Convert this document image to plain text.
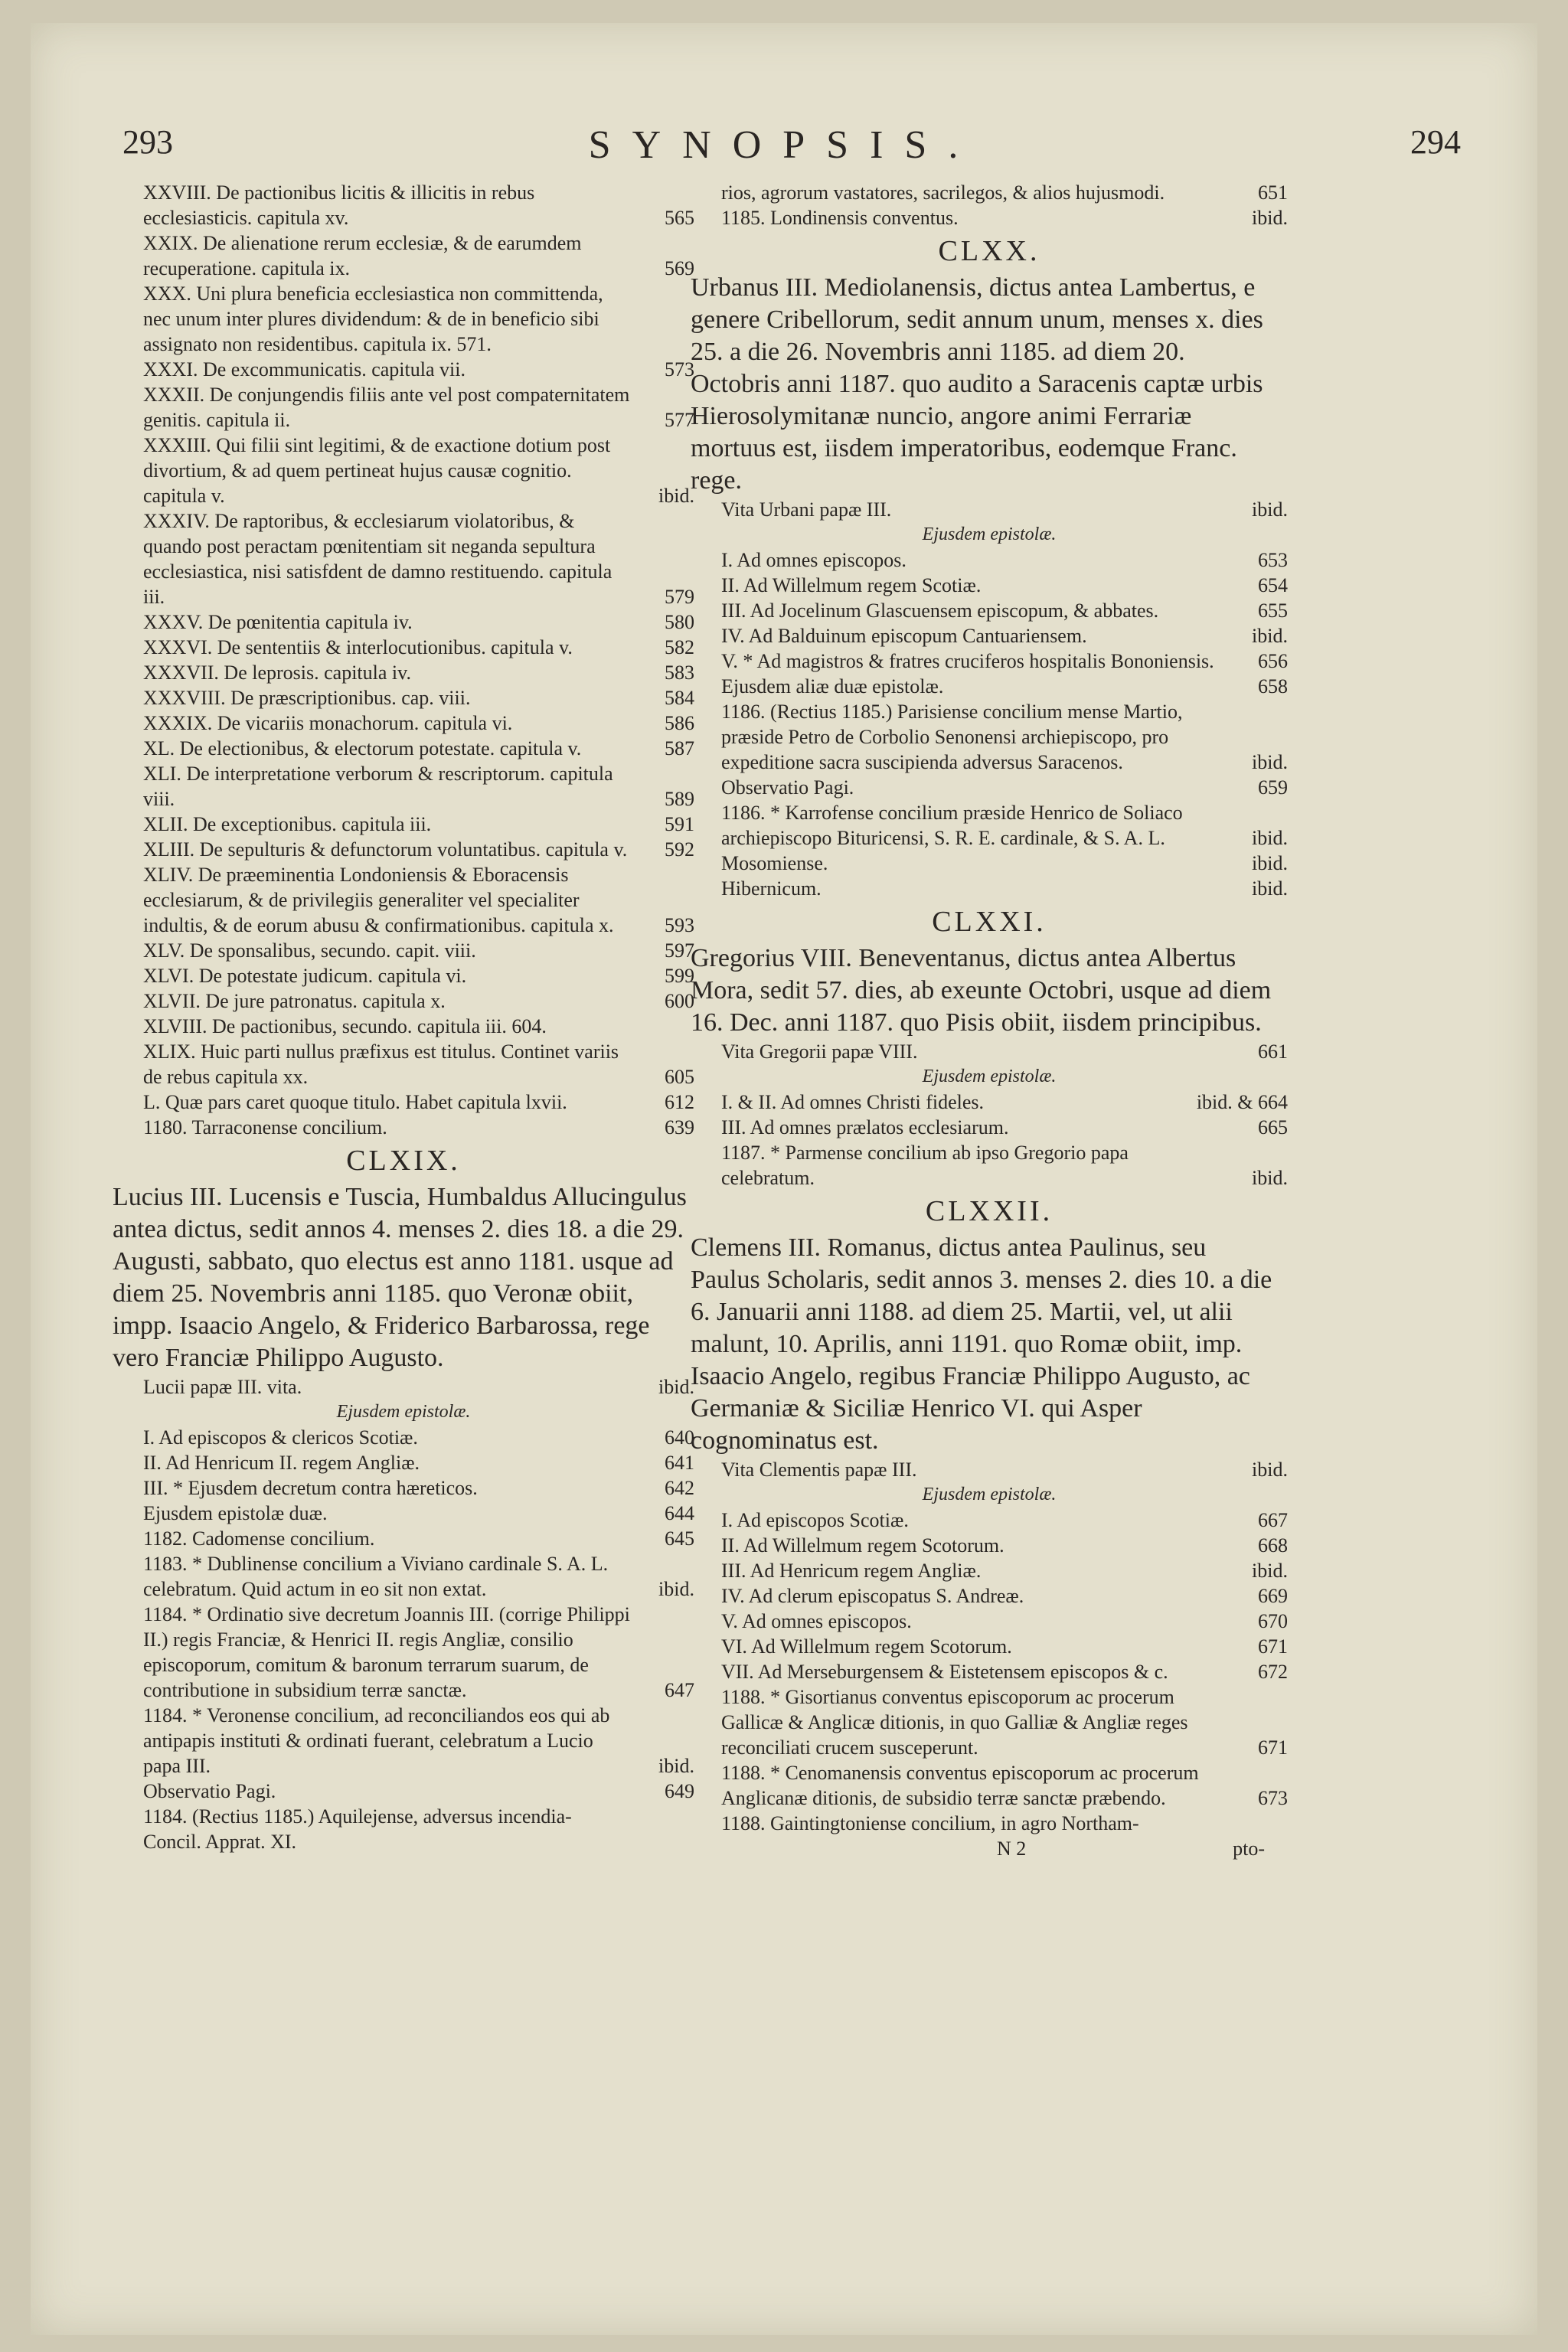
293	SYNOPSIS.	294
XXVIII. De pactionibus licitis & illicitis in rebus ecclesiasticis. capitula xv.	565
XXIX. De alienatione rerum ecclesiæ, & de earumdem recuperatione. capitula ix.	569
XXX. Uni plura beneficia ecclesiastica non committenda, nec unum inter plures dividendum: & de in beneficio sibi assignato non residentibus. capitula ix. 571.
XXXI. De excommunicatis. capitula vii.	573
XXXII. De conjungendis filiis ante vel post compaternitatem genitis. capitula ii.	577
XXXIII. Qui filii sint legitimi, & de exactione dotium post divortium, & ad quem pertineat hujus causæ cognitio. capitula v.	ibid.
XXXIV. De raptoribus, & ecclesiarum violatoribus, & quando post peractam pœnitentiam sit neganda sepultura ecclesiastica, nisi satisfdent de damno restituendo. capitula iii.	579
XXXV. De pœnitentia capitula iv.	580
XXXVI. De sententiis & interlocutionibus. capitula v.	582
XXXVII. De leprosis. capitula iv.	583
XXXVIII. De præscriptionibus. cap. viii.	584
XXXIX. De vicariis monachorum. capitula vi.	586
XL. De electionibus, & electorum potestate. capitula v.	587
XLI. De interpretatione verborum & rescriptorum. capitula viii.	589
XLII. De exceptionibus. capitula iii.	591
XLIII. De sepulturis & defunctorum voluntatibus. capitula v. 592
XLIV. De præeminentia Londoniensis & Eboracensis ecclesiarum, & de privilegiis generaliter vel specialiter indultis, & de eorum abusu & confirmationibus. capitula x.	593
XLV. De sponsalibus, secundo. capit. viii.	597
XLVI. De potestate judicum. capitula vi.	599
XLVII. De jure patronatus. capitula x.	600
XLVIII. De pactionibus, secundo. capitula iii. 604.
XLIX. Huic parti nullus præfixus est titulus. Continet variis de rebus capitula xx.	605
L. Quæ pars caret quoque titulo. Habet capitula lxvii.	612
1180. Tarraconense concilium.	639
CLXIX.
Lucius III. Lucensis e Tuscia, Humbaldus Allucingulus antea dictus, sedit annos 4. menses 2. dies 18. a die 29. Augusti, sabbato, quo electus est anno 1181. usque ad diem 25. Novembris anni 1185. quo Veronæ obiit, impp. Isaacio Angelo, & Friderico Barbarossa, rege vero Franciæ Philippo Augusto.
Lucii papæ III. vita.	ibid.
Ejusdem epistolæ.
I. Ad episcopos & clericos Scotiæ.	640
II. Ad Henricum II. regem Angliæ.	641
III. * Ejusdem decretum contra hæreticos.	642
Ejusdem epistolæ duæ.	644
1182. Cadomense concilium.	645
1183. * Dublinense concilium a Viviano cardinale S. A. L. celebratum. Quid actum in eo sit non extat.	ibid.
1184. * Ordinatio sive decretum Joannis III. (corrige Philippi II.) regis Franciæ, & Henrici II. regis Angliæ, consilio episcoporum, comitum & baronum terrarum suarum, de contributione in subsidium terræ sanctæ.	647
1184. * Veronense concilium, ad reconciliandos eos qui ab antipapis instituti & ordinati fuerant, celebratum a Lucio papa III.	ibid.
Observatio Pagi.	649
1184. (Rectius 1185.) Aquilejense, adversus incendia- Concil. Apprat. XI.
rios, agrorum vastatores, sacrilegos, & alios hujusmodi.	651
1185. Londinensis conventus.	ibid.
CLXX.
Urbanus III. Mediolanensis, dictus antea Lambertus, e genere Cribellorum, sedit annum unum, menses x. dies 25. a die 26. Novembris anni 1185. ad diem 20. Octobris anni 1187. quo audito a Saracenis captæ urbis Hierosolymitanæ nuncio, angore animi Ferrariæ mortuus est, iisdem imperatoribus, eodemque Franc. rege.
Vita Urbani papæ III.	ibid.
Ejusdem epistolæ.
I. Ad omnes episcopos.	653
II. Ad Willelmum regem Scotiæ.	654
III. Ad Jocelinum Glascuensem episcopum, & abbates.	655
IV. Ad Balduinum episcopum Cantuariensem.	ibid.
V. * Ad magistros & fratres cruciferos hospitalis Bononiensis. 656
Ejusdem aliæ duæ epistolæ.	658
1186. (Rectius 1185.) Parisiense concilium mense Martio, præside Petro de Corbolio Senonensi archiepiscopo, pro expeditione sacra suscipienda adversus Saracenos.	ibid.
Observatio Pagi.	659
1186. * Karrofense concilium præside Henrico de Soliaco archiepiscopo Bituricensi, S. R. E. cardinale, & S. A. L.	ibid.
Mosomiense.	ibid.
Hibernicum.	ibid.
CLXXI.
Gregorius VIII. Beneventanus, dictus antea Albertus Mora, sedit 57. dies, ab exeunte Octobri, usque ad diem 16. Dec. anni 1187. quo Pisis obiit, iisdem principibus.
Vita Gregorii papæ VIII.	661
Ejusdem epistolæ.
I. & II. Ad omnes Christi fideles.	ibid. & 664
III. Ad omnes prælatos ecclesiarum.	665
1187. * Parmense concilium ab ipso Gregorio papa celebratum.	ibid.
CLXXII.
Clemens III. Romanus, dictus antea Paulinus, seu Paulus Scholaris, sedit annos 3. menses 2. dies 10. a die 6. Januarii anni 1188. ad diem 25. Martii, vel, ut alii malunt, 10. Aprilis, anni 1191. quo Romæ obiit, imp. Isaacio Angelo, regibus Franciæ Philippo Augusto, ac Germaniæ & Siciliæ Henrico VI. qui Asper cognominatus est.
Vita Clementis papæ III.	ibid.
Ejusdem epistolæ.
I. Ad episcopos Scotiæ.	667
II. Ad Willelmum regem Scotorum.	668
III. Ad Henricum regem Angliæ.	ibid.
IV. Ad clerum episcopatus S. Andreæ.	669
V. Ad omnes episcopos.	670
VI. Ad Willelmum regem Scotorum.	671
VII. Ad Merseburgensem & Eistetensem episcopos & c.	672
1188. * Gisortianus conventus episcoporum ac procerum Gallicæ & Anglicæ ditionis, in quo Galliæ & Angliæ reges reconciliati crucem susceperunt.	671
1188. * Cenomanensis conventus episcoporum ac procerum Anglicanæ ditionis, de subsidio terræ sanctæ præbendo.	673
1188. Gaintingtoniense concilium, in agro Northam-
N 2	pto-
